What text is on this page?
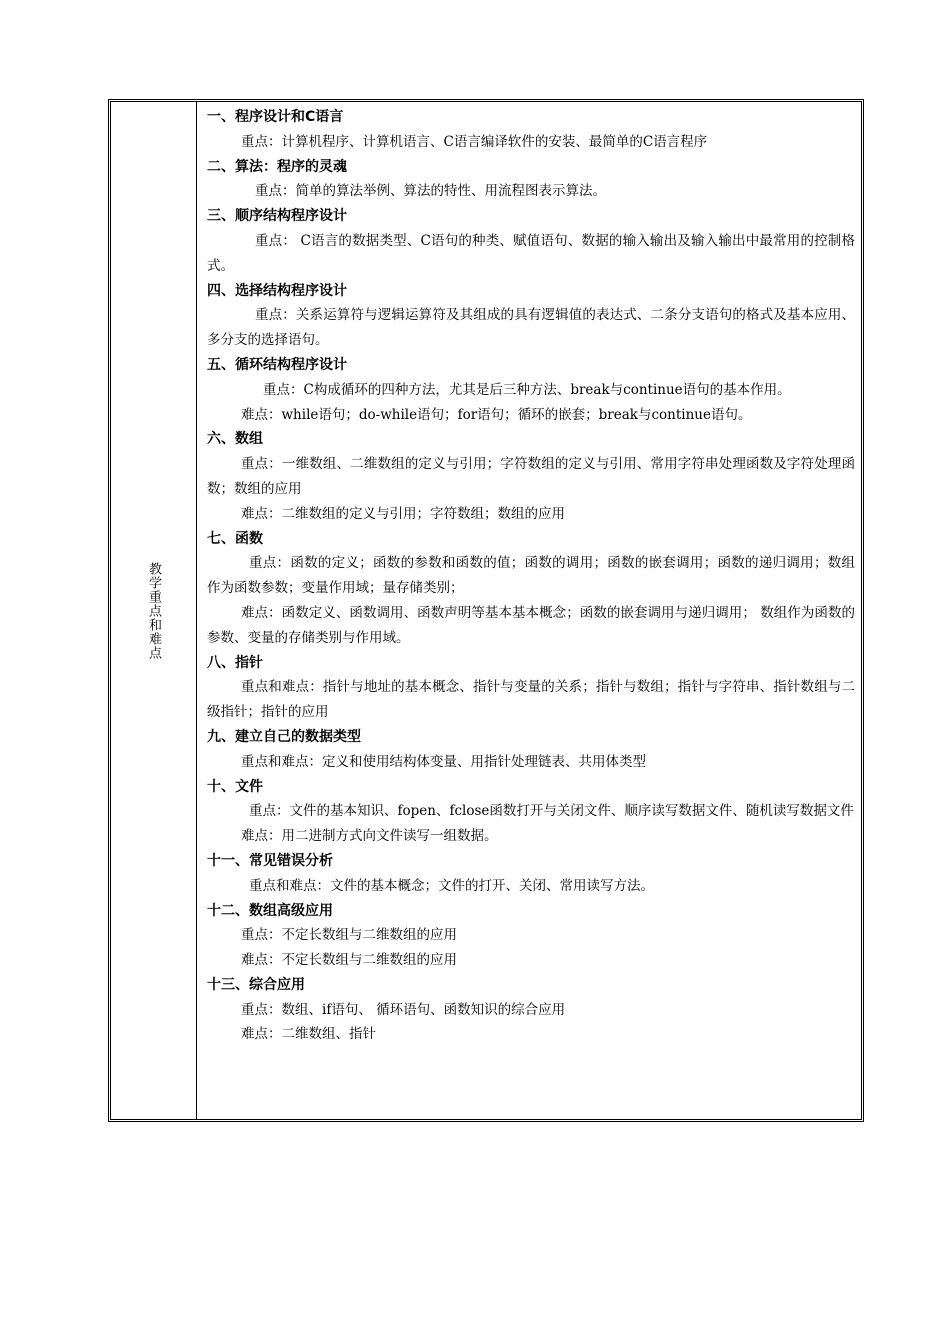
教学重点和难点
一、程序设计和C语言
重点：计算机程序、计算机语言、C语言编译软件的安装、最简单的C语言程序
二、算法：程序的灵魂
重点：简单的算法举例、算法的特性、用流程图表示算法。
三、顺序结构程序设计
重点： C语言的数据类型、C语句的种类、赋值语句、数据的输入输出及输入输出中最常用的控制格式。
四、选择结构程序设计
重点：关系运算符与逻辑运算符及其组成的具有逻辑值的表达式、二条分支语句的格式及基本应用、多分支的选择语句。
五、循环结构程序设计
重点：C构成循环的四种方法，尤其是后三种方法、break与continue语句的基本作用。
难点：while语句；do-while语句；for语句；循环的嵌套；break与continue语句。
六、数组
重点：一维数组、二维数组的定义与引用；字符数组的定义与引用、常用字符串处理函数及字符处理函数；数组的应用
难点：二维数组的定义与引用；字符数组；数组的应用
七、函数
重点：函数的定义；函数的参数和函数的值；函数的调用；函数的嵌套调用；函数的递归调用；数组作为函数参数；变量作用域；量存储类别；
难点：函数定义、函数调用、函数声明等基本基本概念；函数的嵌套调用与递归调用； 数组作为函数的参数、变量的存储类别与作用域。
八、指针
重点和难点：指针与地址的基本概念、指针与变量的关系；指针与数组；指针与字符串、指针数组与二级指针；指针的应用
九、建立自己的数据类型
重点和难点：定义和使用结构体变量、用指针处理链表、共用体类型
十、文件
重点：文件的基本知识、fopen、fclose函数打开与关闭文件、顺序读写数据文件、随机读写数据文件
难点：用二进制方式向文件读写一组数据。
十一、常见错误分析
重点和难点：文件的基本概念；文件的打开、关闭、常用读写方法。
十二、数组高级应用
重点：不定长数组与二维数组的应用
难点：不定长数组与二维数组的应用
十三、综合应用
重点：数组、if语句、 循环语句、函数知识的综合应用
难点：二维数组、指针
